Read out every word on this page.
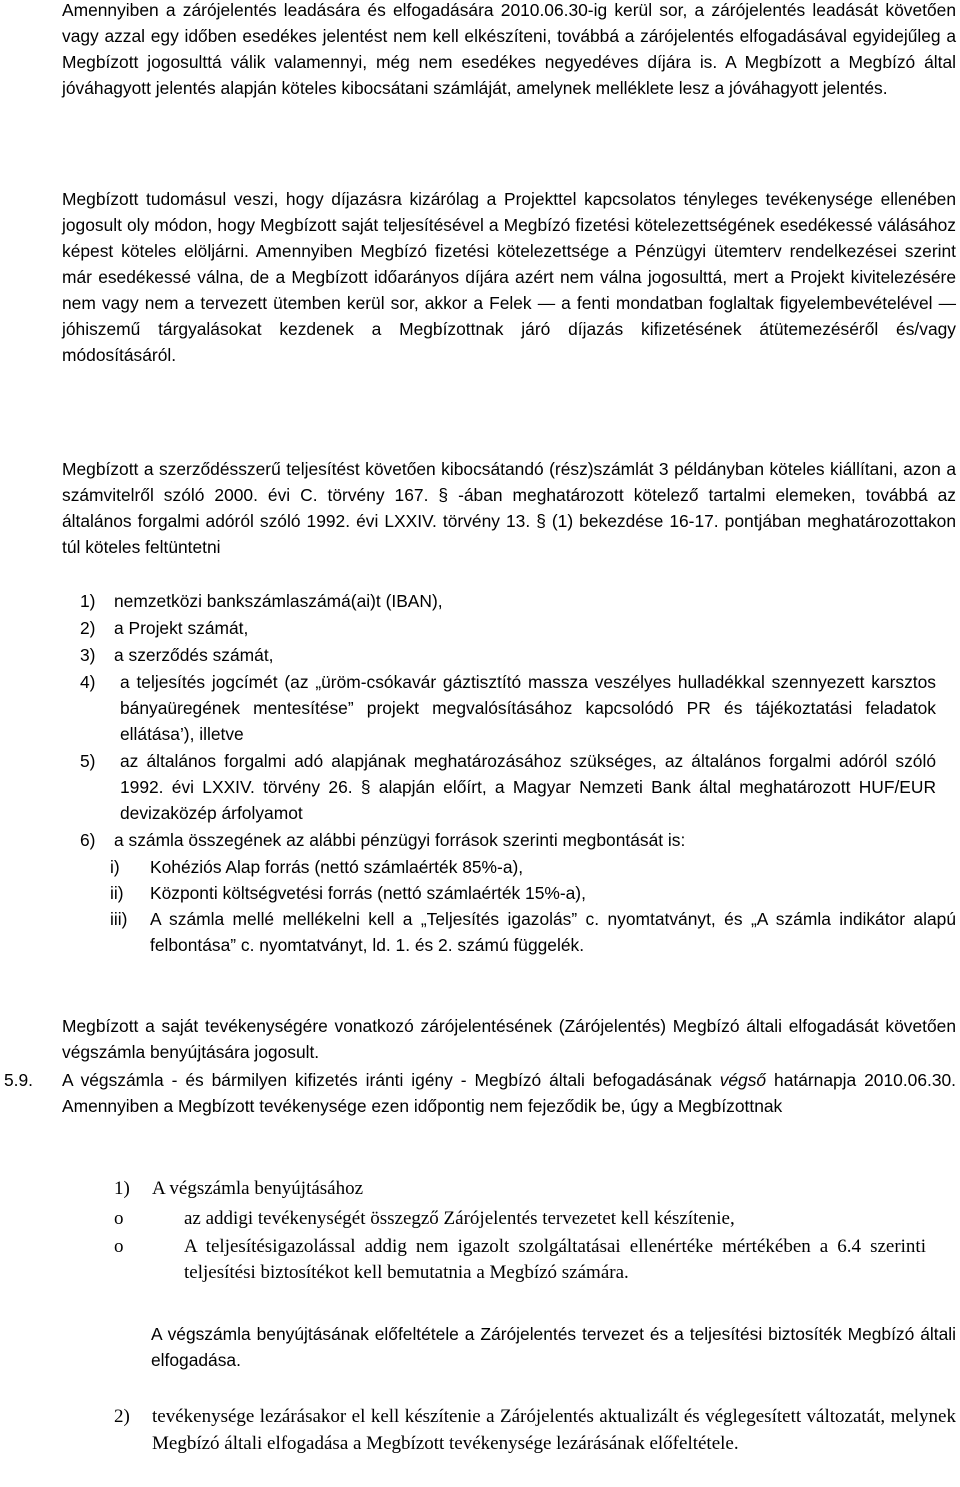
Amennyiben a zárójelentés leadására és elfogadására 2010.06.30-ig kerül sor, a zárójelentés leadását követően vagy azzal egy időben esedékes jelentést nem kell elkészíteni, továbbá a zárójelentés elfogadásával egyidejűleg a Megbízott jogosulttá válik valamennyi, még nem esedékes negyedéves díjára is. A Megbízott a Megbízó által jóváhagyott jelentés alapján köteles kibocsátani számláját, amelynek melléklete lesz a jóváhagyott jelentés.

Megbízott tudomásul veszi, hogy díjazásra kizárólag a Projekttel kapcsolatos tényleges tevékenysége ellenében jogosult oly módon, hogy Megbízott saját teljesítésével a Megbízó fizetési kötelezettségének esedékessé válásához képest köteles elöljárni. Amennyiben Megbízó fizetési kötelezettsége a Pénzügyi ütemterv rendelkezései szerint már esedékessé válna, de a Megbízott időarányos díjára azért nem válna jogosulttá, mert a Projekt kivitelezésére nem vagy nem a tervezett ütemben kerül sor, akkor a Felek — a fenti mondatban foglaltak figyelembevételével — jóhiszemű tárgyalásokat kezdenek a Megbízottnak járó díjazás kifizetésének átütemezéséről és/vagy módosításáról.

Megbízott a szerződésszerű teljesítést követően kibocsátandó (rész)számlát 3 példányban köteles kiállítani, azon a számvitelről szóló 2000. évi C. törvény 167. § -ában meghatározott kötelező tartalmi elemeken, továbbá az általános forgalmi adóról szóló 1992. évi LXXIV. törvény 13. § (1) bekezdése 16-17. pontjában meghatározottakon túl köteles feltüntetni

1) nemzetközi bankszámlaszámá(ai)t (IBAN),
2) a Projekt számát,
3) a szerződés számát,
4) a teljesítés jogcímét (az „üröm-csókavár gáztisztító massza veszélyes hulladékkal szennyezett karsztos bányaüregének mentesítése” projekt megvalósításához kapcsolódó PR és tájékoztatási feladatok ellátása’), illetve
5) az általános forgalmi adó alapjának meghatározásához szükséges, az általános forgalmi adóról szóló 1992. évi LXXIV. törvény 26. § alapján előírt, a Magyar Nemzeti Bank által meghatározott HUF/EUR devizaközép árfolyamot
6) a számla összegének az alábbi pénzügyi források szerinti megbontását is:
i) Kohéziós Alap forrás (nettó számlaérték 85%-a),
ii) Központi költségvetési forrás (nettó számlaérték 15%-a),
iii) A számla mellé mellékelni kell a „Teljesítés igazolás” c. nyomtatványt, és „A számla indikátor alapú felbontása” c. nyomtatványt, ld. 1. és 2. számú függelék.

Megbízott a saját tevékenységére vonatkozó zárójelentésének (Zárójelentés) Megbízó általi elfogadását követően végszámla benyújtására jogosult.

5.9. A végszámla - és bármilyen kifizetés iránti igény - Megbízó általi befogadásának végső határnapja 2010.06.30. Amennyiben a Megbízott tevékenysége ezen időpontig nem fejeződik be, úgy a Megbízottnak

1) A végszámla benyújtásához
o	az addigi tevékenységét összegző Zárójelentés tervezetet kell készítenie,
o	A teljesítésigazolással addig nem igazolt szolgáltatásai ellenértéke mértékében a 6.4 szerinti teljesítési biztosítékot kell bemutatnia a Megbízó számára.

A végszámla benyújtásának előfeltétele a Zárójelentés tervezet és a teljesítési biztosíték Megbízó általi elfogadása.

2) tevékenysége lezárásakor el kell készítenie a Zárójelentés aktualizált és véglegesített változatát, melynek Megbízó általi elfogadása a Megbízott tevékenysége lezárásának előfeltétele.
